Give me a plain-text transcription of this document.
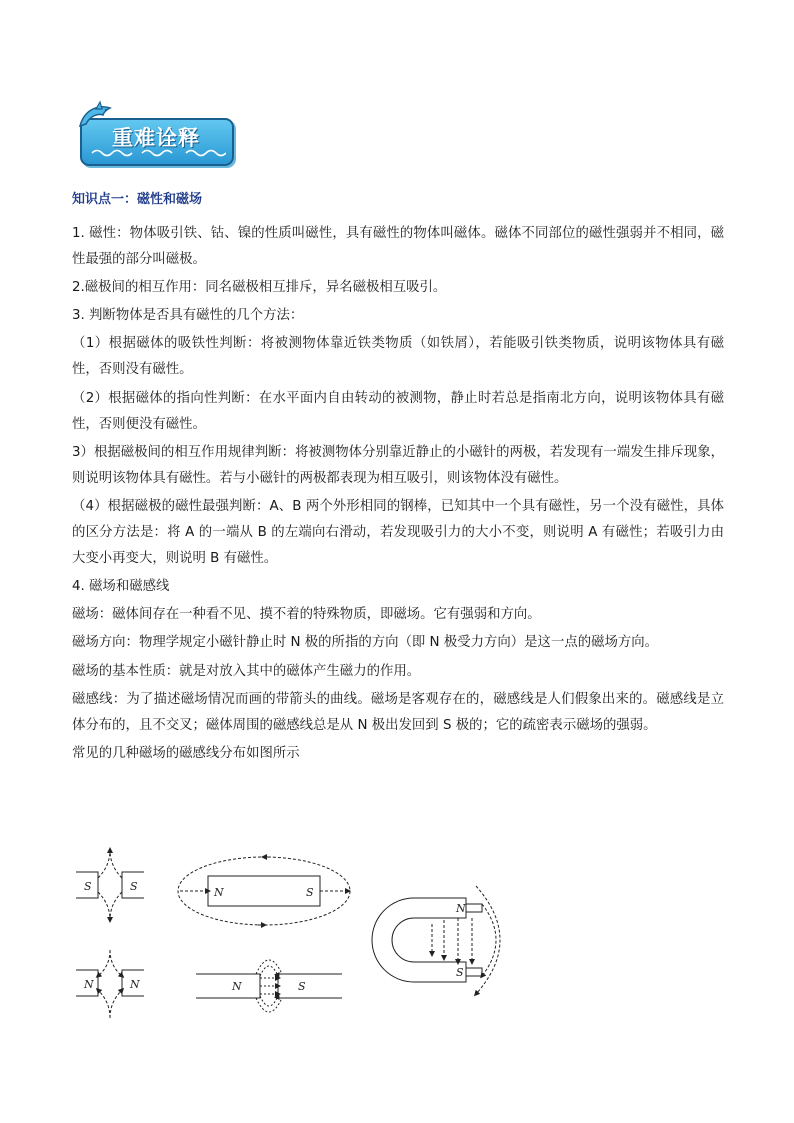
重难诠释
知识点一：磁性和磁场

1. 磁性：物体吸引铁、钴、镍的性质叫磁性，具有磁性的物体叫磁体。磁体不同部位的磁性强弱并不相同，磁性最强的部分叫磁极。

2.磁极间的相互作用：同名磁极相互排斥，异名磁极相互吸引。

3. 判断物体是否具有磁性的几个方法：

（1）根据磁体的吸铁性判断：将被测物体靠近铁类物质（如铁屑），若能吸引铁类物质，说明该物体具有磁性，否则没有磁性。

（2）根据磁体的指向性判断：在水平面内自由转动的被测物，静止时若总是指南北方向，说明该物体具有磁性，否则便没有磁性。

3）根据磁极间的相互作用规律判断：将被测物体分别靠近静止的小磁针的两极，若发现有一端发生排斥现象，则说明该物体具有磁性。若与小磁针的两极都表现为相互吸引，则该物体没有磁性。

（4）根据磁极的磁性最强判断：A、B 两个外形相同的钢棒，已知其中一个具有磁性，另一个没有磁性，具体的区分方法是：将 A 的一端从 B 的左端向右滑动，若发现吸引力的大小不变，则说明 A 有磁性；若吸引力由大变小再变大，则说明 B 有磁性。

4. 磁场和磁感线

磁场：磁体间存在一种看不见、摸不着的特殊物质，即磁场。它有强弱和方向。

磁场方向：物理学规定小磁针静止时 N 极的所指的方向（即 N 极受力方向）是这一点的磁场方向。

磁场的基本性质：就是对放入其中的磁体产生磁力的作用。

磁感线：为了描述磁场情况而画的带箭头的曲线。磁场是客观存在的，磁感线是人们假象出来的。磁感线是立体分布的，且不交叉；磁体周围的磁感线总是从 N 极出发回到 S 极的；它的疏密表示磁场的强弱。

常见的几种磁场的磁感线分布如图所示

S	S	N	S
N
S
N	N	N	S
